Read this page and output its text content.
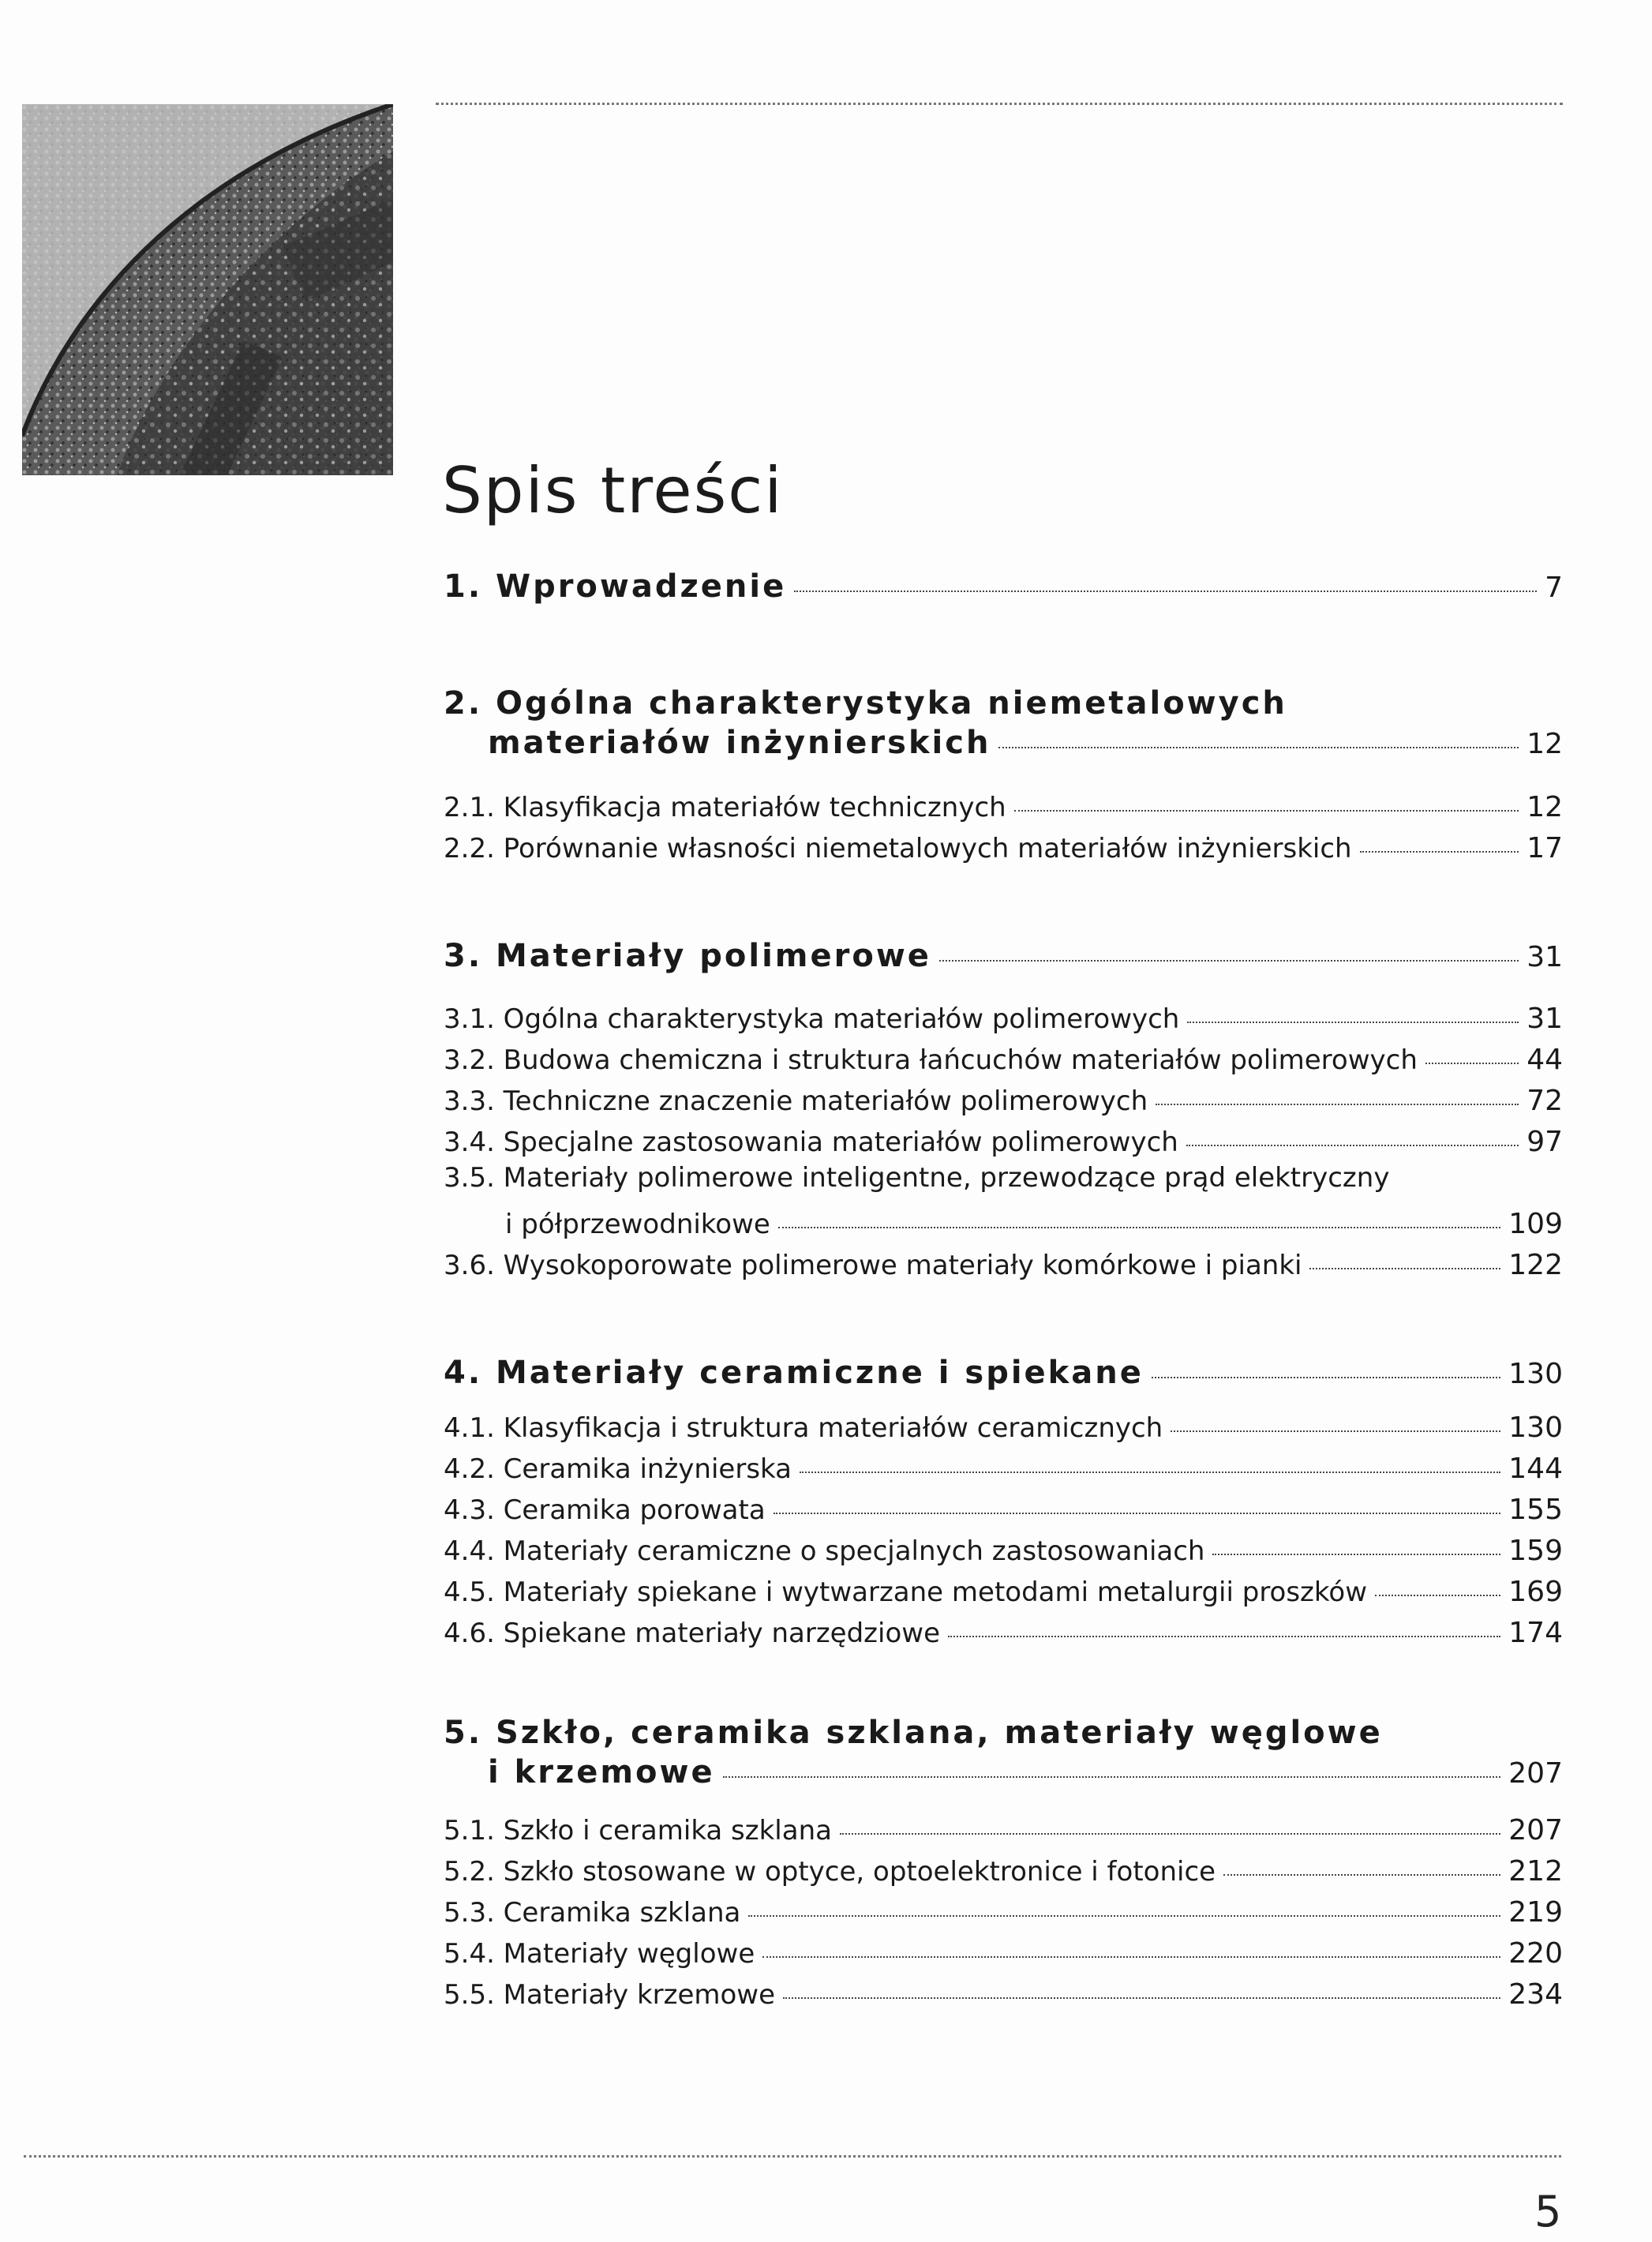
Spis treści
1. Wprowadzenie	7
2. Ogólna charakterystyka niemetalowych
materiałów inżynierskich	12
2.1. Klasyfikacja materiałów technicznych	12
2.2. Porównanie własności niemetalowych materiałów inżynierskich	17
3. Materiały polimerowe	31
3.1. Ogólna charakterystyka materiałów polimerowych	31
3.2. Budowa chemiczna i struktura łańcuchów materiałów polimerowych	44
3.3. Techniczne znaczenie materiałów polimerowych	72
3.4. Specjalne zastosowania materiałów polimerowych	97
3.5. Materiały polimerowe inteligentne, przewodzące prąd elektryczny
i półprzewodnikowe	109
3.6. Wysokoporowate polimerowe materiały komórkowe i pianki	122
4. Materiały ceramiczne i spiekane	130
4.1. Klasyfikacja i struktura materiałów ceramicznych	130
4.2. Ceramika inżynierska	144
4.3. Ceramika porowata	155
4.4. Materiały ceramiczne o specjalnych zastosowaniach	159
4.5. Materiały spiekane i wytwarzane metodami metalurgii proszków	169
4.6. Spiekane materiały narzędziowe	174
5. Szkło, ceramika szklana, materiały węglowe
i krzemowe	207
5.1. Szkło i ceramika szklana	207
5.2. Szkło stosowane w optyce, optoelektronice i fotonice	212
5.3. Ceramika szklana	219
5.4. Materiały węglowe	220
5.5. Materiały krzemowe	234
5
